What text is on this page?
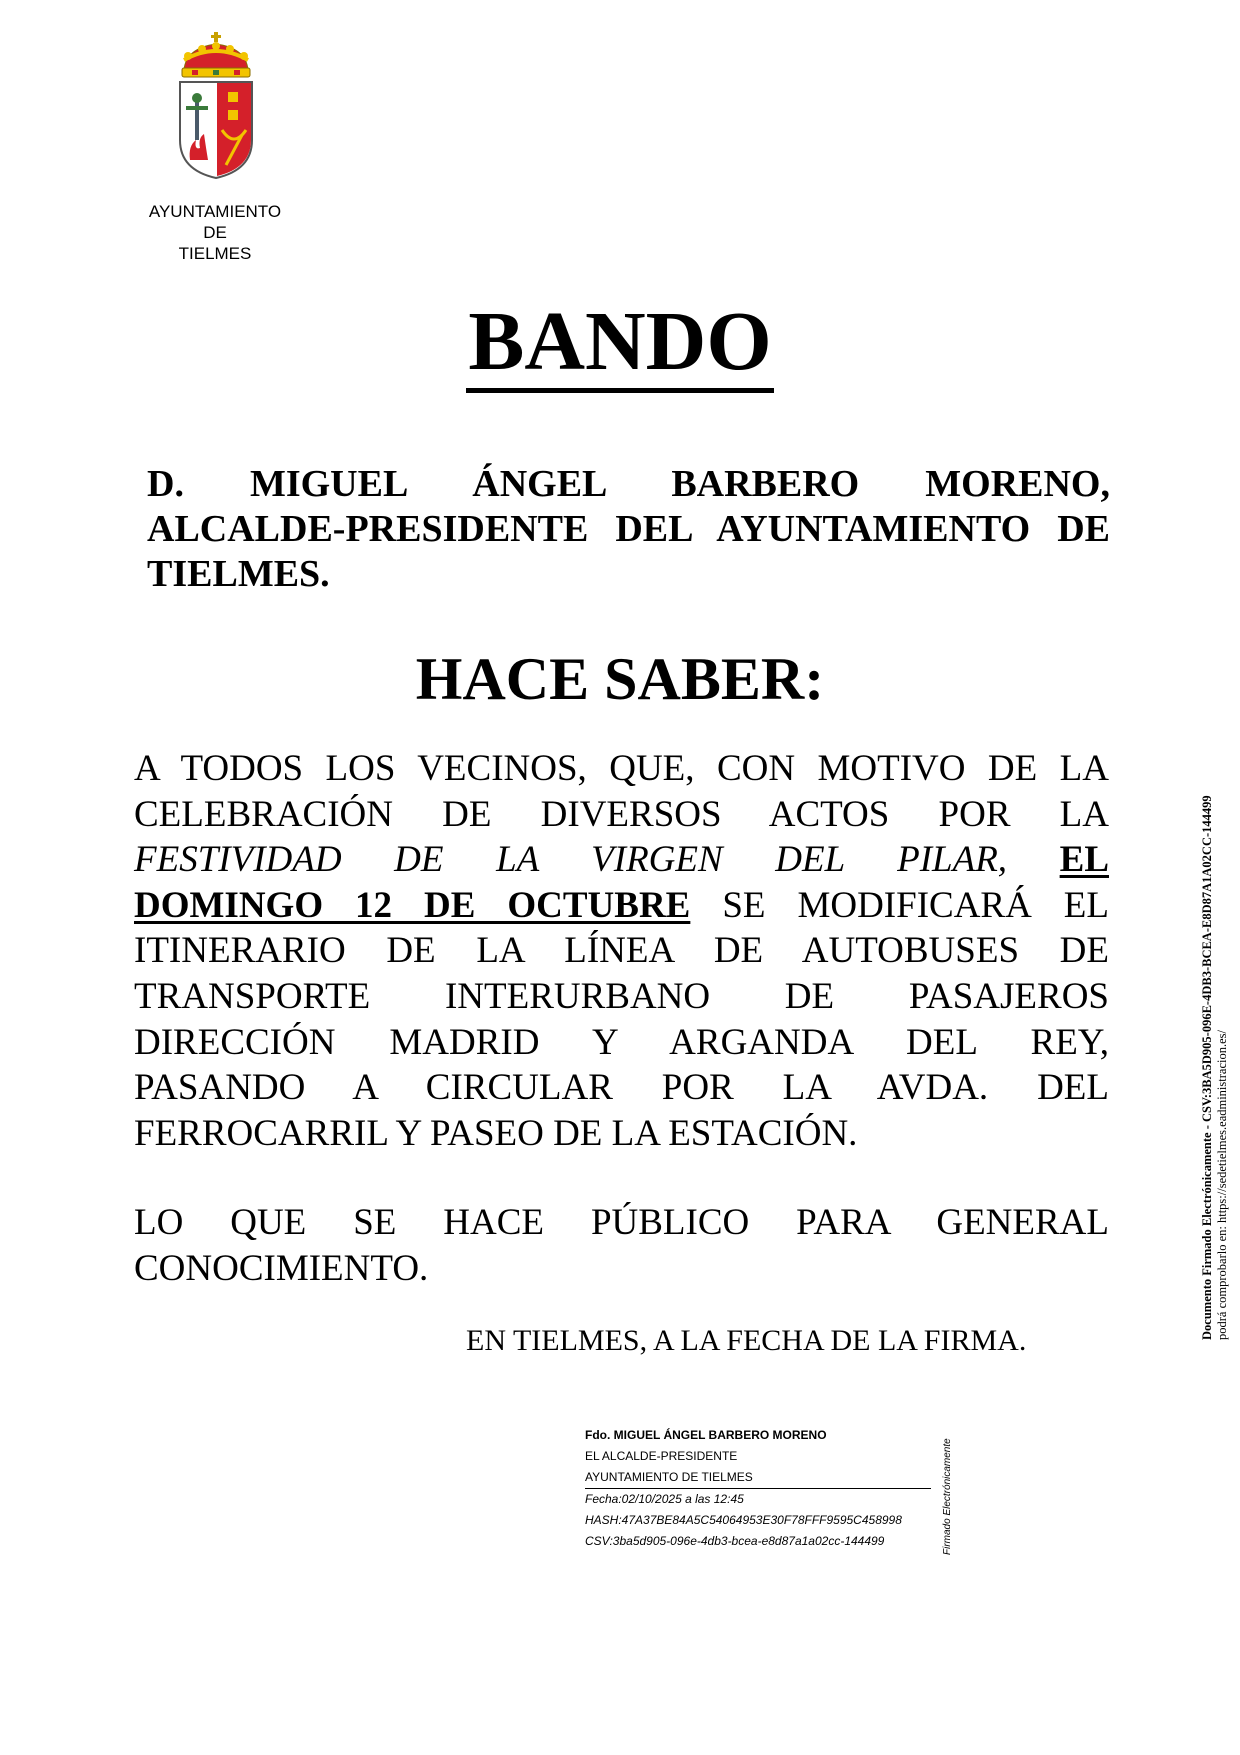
AYUNTAMIENTO
DE
TIELMES
BANDO
D. MIGUEL ÁNGEL BARBERO MORENO,
ALCALDE-PRESIDENTE DEL AYUNTAMIENTO DE
TIELMES.
HACE SABER:
A TODOS LOS VECINOS, QUE, CON MOTIVO DE LA
CELEBRACIÓN DE DIVERSOS ACTOS POR LA
FESTIVIDAD DE LA VIRGEN DEL PILAR, EL
DOMINGO 12 DE OCTUBRE SE MODIFICARÁ EL
ITINERARIO DE LA LÍNEA DE AUTOBUSES DE
TRANSPORTE INTERURBANO DE PASAJEROS
DIRECCIÓN MADRID Y ARGANDA DEL REY,
PASANDO A CIRCULAR POR LA AVDA. DEL
FERROCARRIL Y PASEO DE LA ESTACIÓN.
LO QUE SE HACE PÚBLICO PARA GENERAL
CONOCIMIENTO.
EN TIELMES, A LA FECHA DE LA FIRMA.
Fdo. MIGUEL ÁNGEL BARBERO MORENO
EL ALCALDE-PRESIDENTE
AYUNTAMIENTO DE TIELMES
Fecha:02/10/2025 a las 12:45
HASH:47A37BE84A5C54064953E30F78FFF9595C458998
CSV:3ba5d905-096e-4db3-bcea-e8d87a1a02cc-144499	Firmado Electrónicamente
Documento Firmado Electrónicamente - CSV:3BA5D905-096E-4DB3-BCEA-E8D87A1A02CC-144499 podrá comprobarlo en: https://sedetielmes.eadministracion.es/
